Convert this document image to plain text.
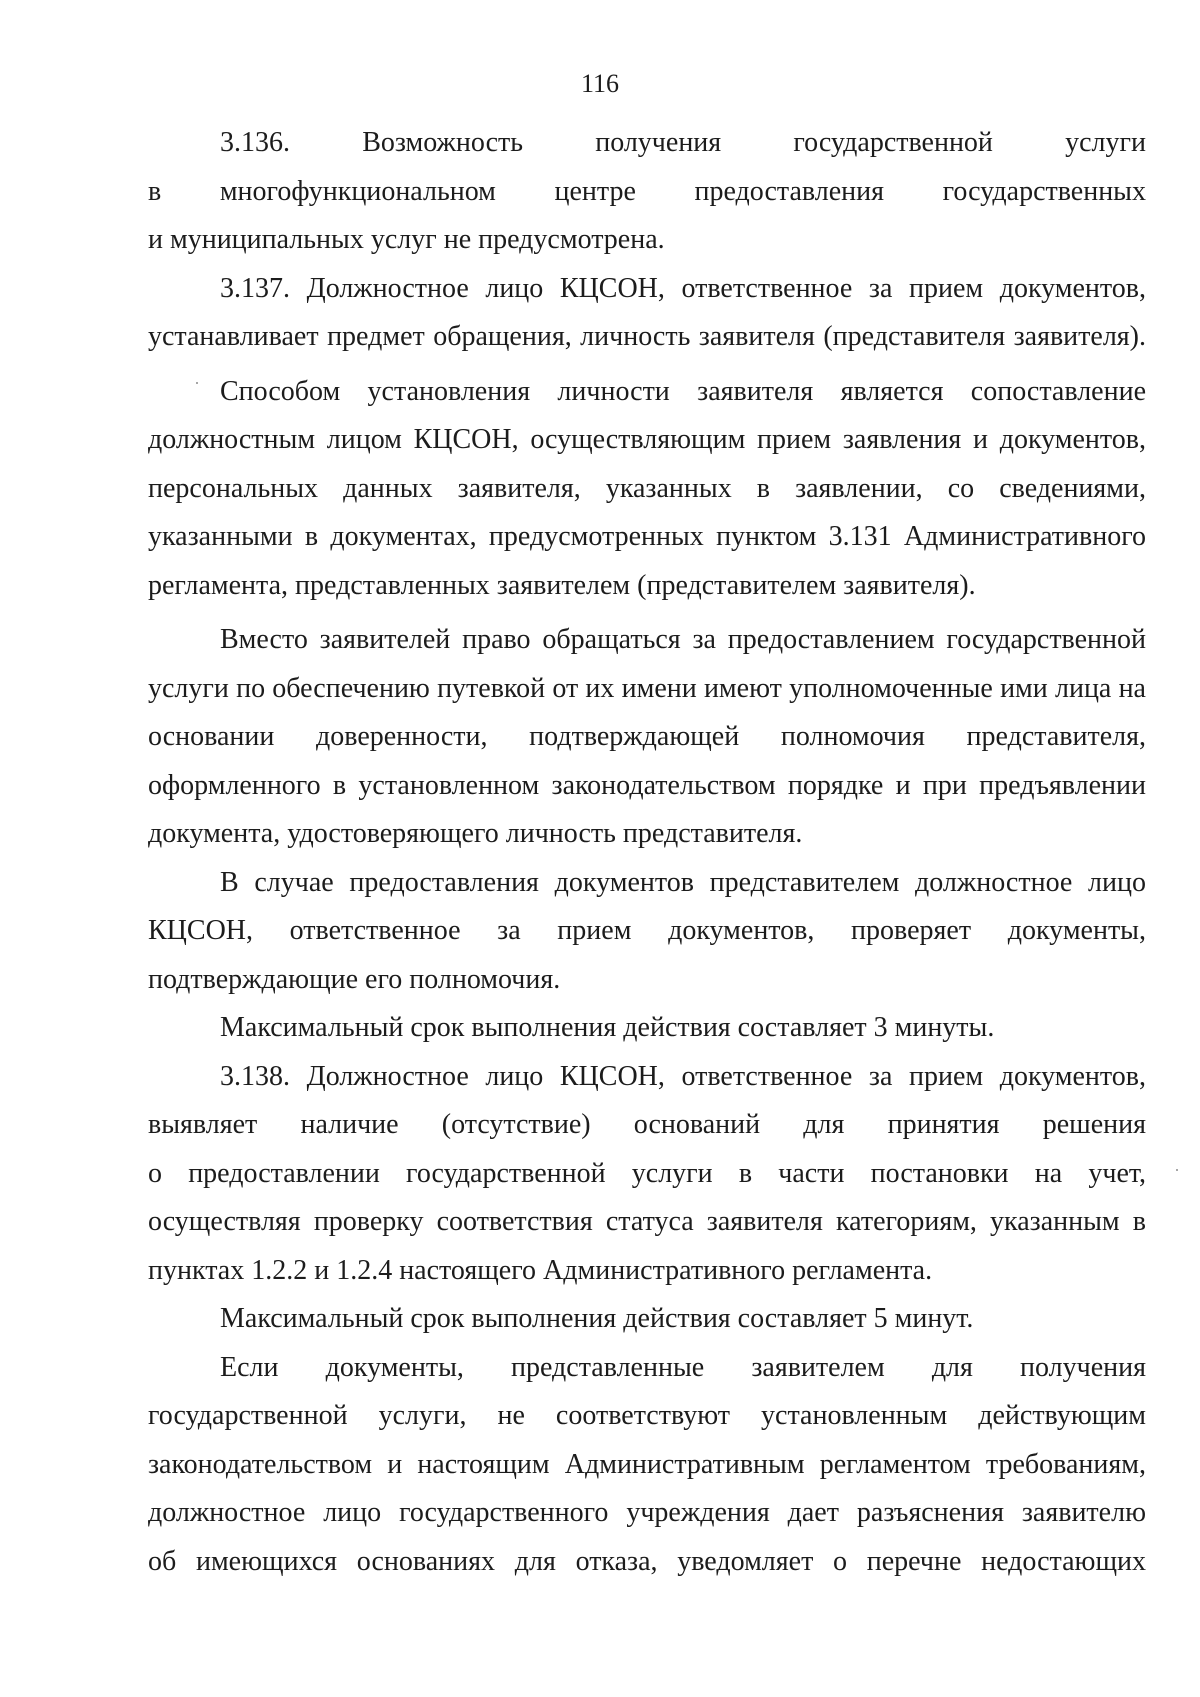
116

3.136. Возможность получения государственной услуги
в многофункциональном центре предоставления государственных
и муниципальных услуг не предусмотрена.

3.137. Должностное лицо КЦСОН, ответственное за прием документов,
устанавливает предмет обращения, личность заявителя (представителя заявителя).

Способом установления личности заявителя является сопоставление
должностным лицом КЦСОН, осуществляющим прием заявления и документов,
персональных данных заявителя, указанных в заявлении, со сведениями,
указанными в документах, предусмотренных пунктом 3.131 Административного
регламента, представленных заявителем (представителем заявителя).

Вместо заявителей право обращаться за предоставлением государственной
услуги по обеспечению путевкой от их имени имеют уполномоченные ими лица на
основании доверенности, подтверждающей полномочия представителя,
оформленного в установленном законодательством порядке и при предъявлении
документа, удостоверяющего личность представителя.

В случае предоставления документов представителем должностное лицо
КЦСОН, ответственное за прием документов, проверяет документы,
подтверждающие его полномочия.

Максимальный срок выполнения действия составляет 3 минуты.

3.138. Должностное лицо КЦСОН, ответственное за прием документов,
выявляет наличие (отсутствие) оснований для принятия решения
о предоставлении государственной услуги в части постановки на учет,
осуществляя проверку соответствия статуса заявителя категориям, указанным в
пунктах 1.2.2 и 1.2.4 настоящего Административного регламента.

Максимальный срок выполнения действия составляет 5 минут.

Если документы, представленные заявителем для получения
государственной услуги, не соответствуют установленным действующим
законодательством и настоящим Административным регламентом требованиям,
должностное лицо государственного учреждения дает разъяснения заявителю
об имеющихся основаниях для отказа, уведомляет о перечне недостающих
